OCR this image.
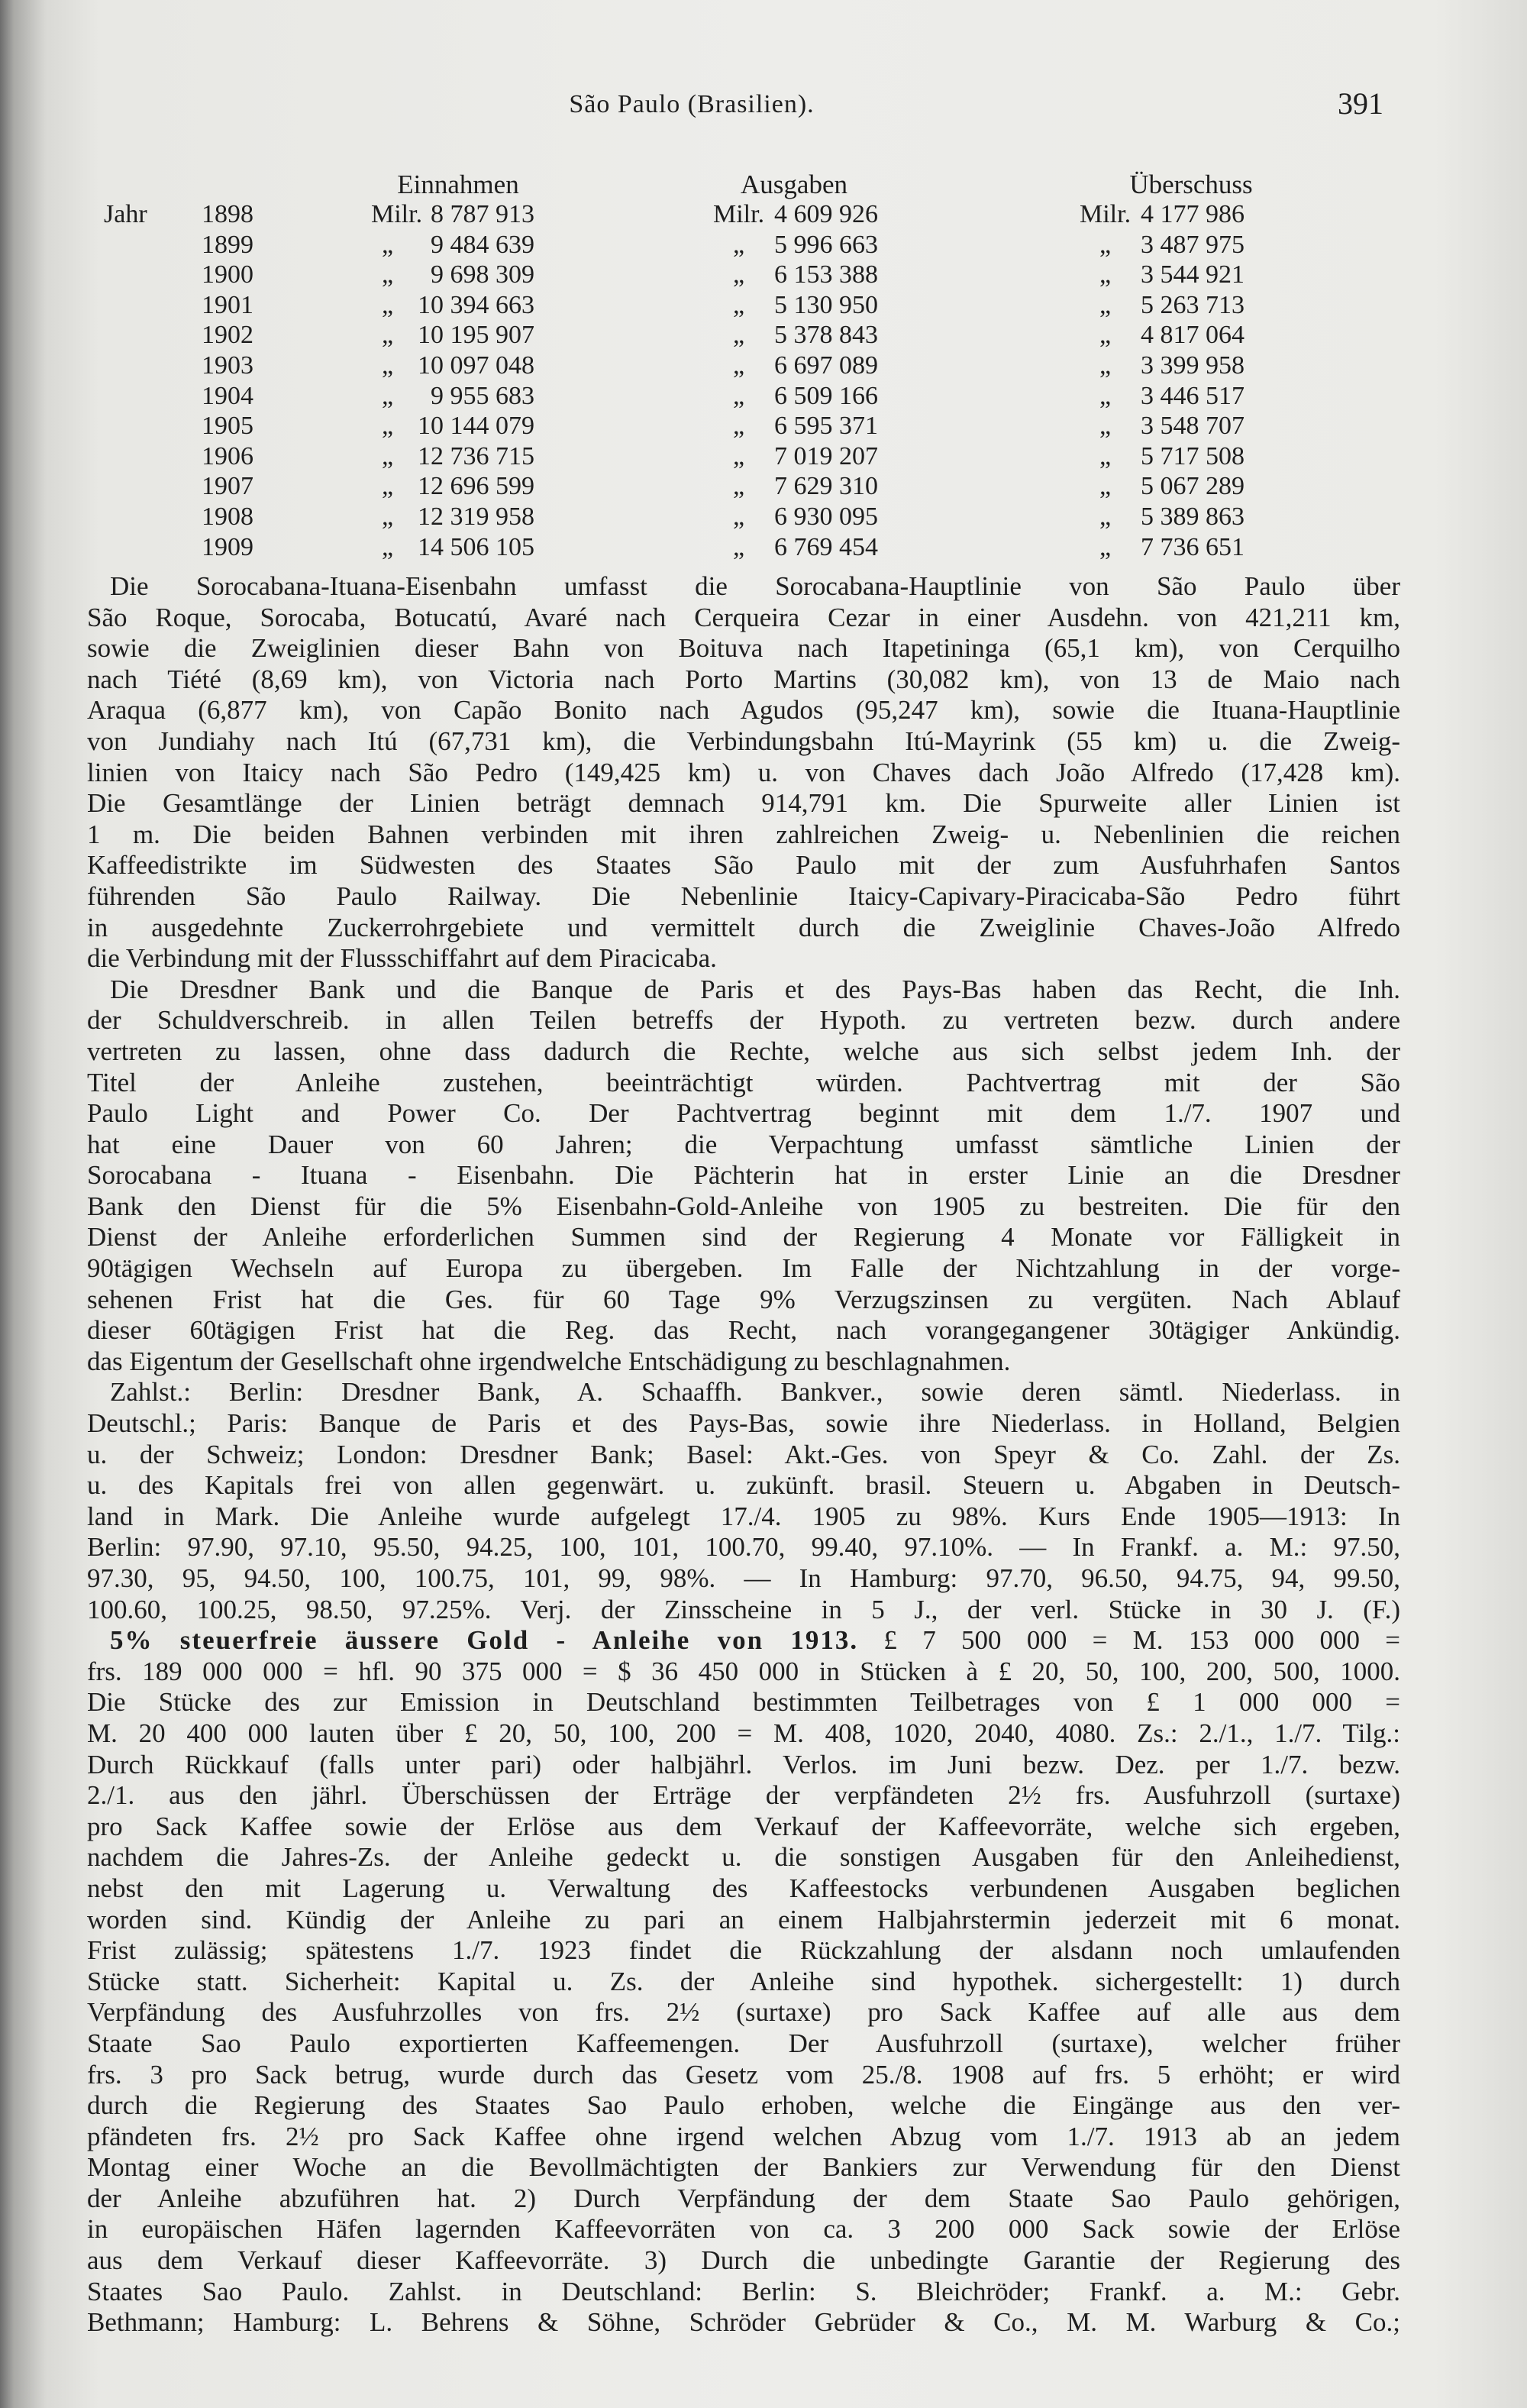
São Paulo (Brasilien).	391
Einnahmen	Ausgaben	Überschuss
Jahr	1898	Milr. 8 787 913	Milr. 4 609 926	Milr. 4 177 986
1899	„ 9 484 639	„ 5 996 663	„ 3 487 975
1900	„ 9 698 309	„ 6 153 388	„ 3 544 921
1901	„ 10 394 663	„ 5 130 950	„ 5 263 713
1902	„ 10 195 907	„ 5 378 843	„ 4 817 064
1903	„ 10 097 048	„ 6 697 089	„ 3 399 958
1904	„ 9 955 683	„ 6 509 166	„ 3 446 517
1905	„ 10 144 079	„ 6 595 371	„ 3 548 707
1906	„ 12 736 715	„ 7 019 207	„ 5 717 508
1907	„ 12 696 599	„ 7 629 310	„ 5 067 289
1908	„ 12 319 958	„ 6 930 095	„ 5 389 863
1909	„ 14 506 105	„ 6 769 454	„ 7 736 651
Die Sorocabana-Ituana-Eisenbahn umfasst die Sorocabana-Hauptlinie von São Paulo über
São Roque, Sorocaba, Botucatú, Avaré nach Cerqueira Cezar in einer Ausdehn. von 421,211 km,
sowie die Zweiglinien dieser Bahn von Boituva nach Itapetininga (65,1 km), von Cerquilho
nach Tiété (8,69 km), von Victoria nach Porto Martins (30,082 km), von 13 de Maio nach
Araqua (6,877 km), von Capão Bonito nach Agudos (95,247 km), sowie die Ituana-Hauptlinie
von Jundiahy nach Itú (67,731 km), die Verbindungsbahn Itú-Mayrink (55 km) u. die Zweig-
linien von Itaicy nach São Pedro (149,425 km) u. von Chaves dach João Alfredo (17,428 km).
Die Gesamtlänge der Linien beträgt demnach 914,791 km. Die Spurweite aller Linien ist
1 m. Die beiden Bahnen verbinden mit ihren zahlreichen Zweig- u. Nebenlinien die reichen
Kaffeedistrikte im Südwesten des Staates São Paulo mit der zum Ausfuhrhafen Santos
führenden São Paulo Railway. Die Nebenlinie Itaicy-Capivary-Piracicaba-São Pedro führt
in ausgedehnte Zuckerrohrgebiete und vermittelt durch die Zweiglinie Chaves-João Alfredo
die Verbindung mit der Flussschiffahrt auf dem Piracicaba.
Die Dresdner Bank und die Banque de Paris et des Pays-Bas haben das Recht, die Inh.
der Schuldverschreib. in allen Teilen betreffs der Hypoth. zu vertreten bezw. durch andere
vertreten zu lassen, ohne dass dadurch die Rechte, welche aus sich selbst jedem Inh. der
Titel der Anleihe zustehen, beeinträchtigt würden. Pachtvertrag mit der São
Paulo Light and Power Co. Der Pachtvertrag beginnt mit dem 1./7. 1907 und
hat eine Dauer von 60 Jahren; die Verpachtung umfasst sämtliche Linien der
Sorocabana - Ituana - Eisenbahn. Die Pächterin hat in erster Linie an die Dresdner
Bank den Dienst für die 5% Eisenbahn-Gold-Anleihe von 1905 zu bestreiten. Die für den
Dienst der Anleihe erforderlichen Summen sind der Regierung 4 Monate vor Fälligkeit in
90tägigen Wechseln auf Europa zu übergeben. Im Falle der Nichtzahlung in der vorge-
sehenen Frist hat die Ges. für 60 Tage 9% Verzugszinsen zu vergüten. Nach Ablauf
dieser 60tägigen Frist hat die Reg. das Recht, nach vorangegangener 30tägiger Ankündig.
das Eigentum der Gesellschaft ohne irgendwelche Entschädigung zu beschlagnahmen.
Zahlst.: Berlin: Dresdner Bank, A. Schaaffh. Bankver., sowie deren sämtl. Niederlass. in
Deutschl.; Paris: Banque de Paris et des Pays-Bas, sowie ihre Niederlass. in Holland, Belgien
u. der Schweiz; London: Dresdner Bank; Basel: Akt.-Ges. von Speyr & Co. Zahl. der Zs.
u. des Kapitals frei von allen gegenwärt. u. zukünft. brasil. Steuern u. Abgaben in Deutsch-
land in Mark. Die Anleihe wurde aufgelegt 17./4. 1905 zu 98%. Kurs Ende 1905—1913: In
Berlin: 97.90, 97.10, 95.50, 94.25, 100, 101, 100.70, 99.40, 97.10%. — In Frankf. a. M.: 97.50,
97.30, 95, 94.50, 100, 100.75, 101, 99, 98%. — In Hamburg: 97.70, 96.50, 94.75, 94, 99.50,
100.60, 100.25, 98.50, 97.25%. Verj. der Zinsscheine in 5 J., der verl. Stücke in 30 J. (F.)
5% steuerfreie äussere Gold - Anleihe von 1913. £ 7 500 000 = M. 153 000 000 =
frs. 189 000 000 = hfl. 90 375 000 = $ 36 450 000 in Stücken à £ 20, 50, 100, 200, 500, 1000.
Die Stücke des zur Emission in Deutschland bestimmten Teilbetrages von £ 1 000 000 =
M. 20 400 000 lauten über £ 20, 50, 100, 200 = M. 408, 1020, 2040, 4080. Zs.: 2./1., 1./7. Tilg.:
Durch Rückkauf (falls unter pari) oder halbjährl. Verlos. im Juni bezw. Dez. per 1./7. bezw.
2./1. aus den jährl. Überschüssen der Erträge der verpfändeten 2½ frs. Ausfuhrzoll (surtaxe)
pro Sack Kaffee sowie der Erlöse aus dem Verkauf der Kaffeevorräte, welche sich ergeben,
nachdem die Jahres-Zs. der Anleihe gedeckt u. die sonstigen Ausgaben für den Anleihedienst,
nebst den mit Lagerung u. Verwaltung des Kaffeestocks verbundenen Ausgaben beglichen
worden sind. Kündig der Anleihe zu pari an einem Halbjahrstermin jederzeit mit 6 monat.
Frist zulässig; spätestens 1./7. 1923 findet die Rückzahlung der alsdann noch umlaufenden
Stücke statt. Sicherheit: Kapital u. Zs. der Anleihe sind hypothek. sichergestellt: 1) durch
Verpfändung des Ausfuhrzolles von frs. 2½ (surtaxe) pro Sack Kaffee auf alle aus dem
Staate Sao Paulo exportierten Kaffeemengen. Der Ausfuhrzoll (surtaxe), welcher früher
frs. 3 pro Sack betrug, wurde durch das Gesetz vom 25./8. 1908 auf frs. 5 erhöht; er wird
durch die Regierung des Staates Sao Paulo erhoben, welche die Eingänge aus den ver-
pfändeten frs. 2½ pro Sack Kaffee ohne irgend welchen Abzug vom 1./7. 1913 ab an jedem
Montag einer Woche an die Bevollmächtigten der Bankiers zur Verwendung für den Dienst
der Anleihe abzuführen hat. 2) Durch Verpfändung der dem Staate Sao Paulo gehörigen,
in europäischen Häfen lagernden Kaffeevorräten von ca. 3 200 000 Sack sowie der Erlöse
aus dem Verkauf dieser Kaffeevorräte. 3) Durch die unbedingte Garantie der Regierung des
Staates Sao Paulo. Zahlst. in Deutschland: Berlin: S. Bleichröder; Frankf. a. M.: Gebr.
Bethmann; Hamburg: L. Behrens & Söhne, Schröder Gebrüder & Co., M. M. Warburg & Co.;
